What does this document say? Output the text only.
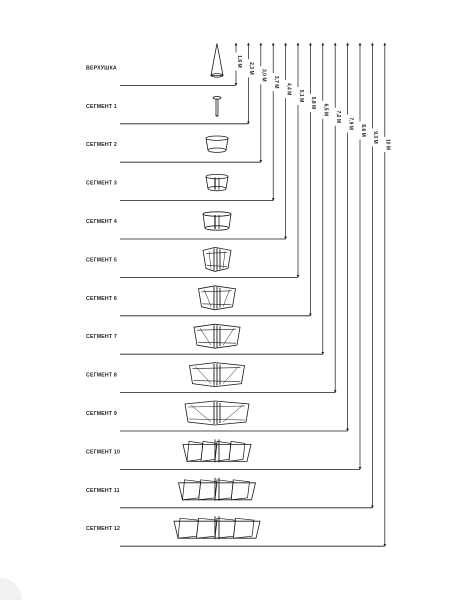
ВЕРХУШКА
СЕГМЕНТ 1
СЕГМЕНТ 2
СЕГМЕНТ 3
СЕГМЕНТ 4
СЕГМЕНТ 5
СЕГМЕНТ 6
СЕГМЕНТ 7
СЕГМЕНТ 8
СЕГМЕНТ 9
СЕГМЕНТ 10
СЕГМЕНТ 11
СЕГМЕНТ 12
1,6 М
2,3 М
3,0 М
3,7 М
4,4 М
5,1 М
5,8 М
6,5 М
7,2 М
7,9 М
8,6 М
9,3 М
10 М
